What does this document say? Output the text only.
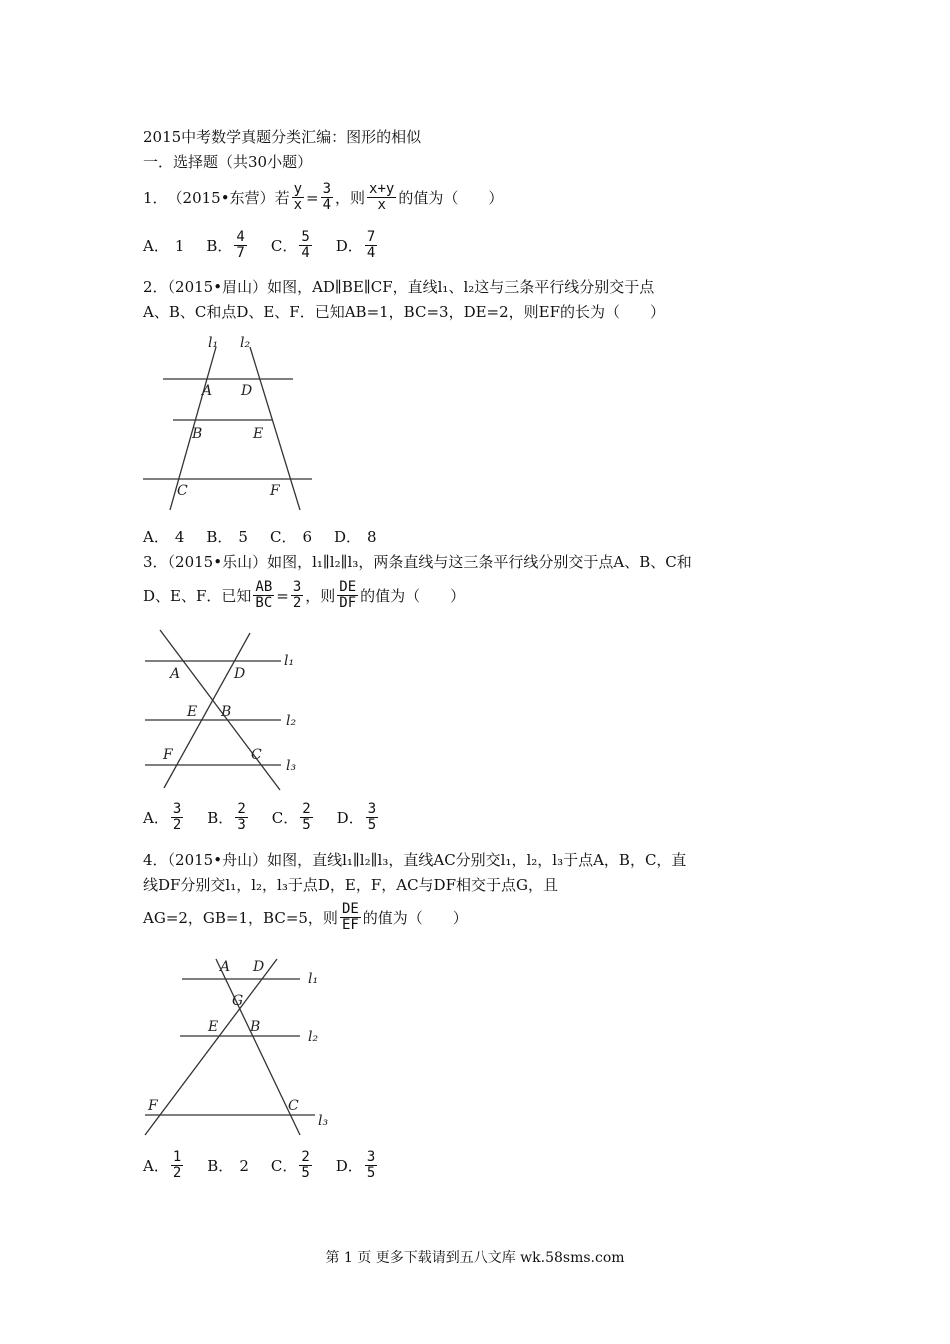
2015中考数学真题分类汇编：图形的相似
一．选择题（共30小题）
1． （2015•东营）若 $\frac{y}{x} = \frac{3}{4}$ ，则 $\frac{x+y}{x}$ 的值为（　　）
A． 1 B． $\frac{4}{7}$ C． $\frac{5}{4}$ D． $\frac{7}{4}$
2．（2015•眉山）如图，AD∥BE∥CF，直线l₁、l₂这与三条平行线分别交于点
A、B、C和点D、E、F．已知AB=1，BC=3，DE=2，则EF的长为（　　）
l₁ l₂
A D
B	E
C	F
A． 4 B． 5 C． 6 D． 8
3．（2015•乐山）如图，l₁∥l₂∥l₃，两条直线与这三条平行线分别交于点A、B、C和
D、E、F．已知 $\frac{AB}{BC} = \frac{3}{2}$ ，则 $\frac{DE}{DF}$ 的值为（　　）
A	D
E B
F	C
l₁
l₂
l₃
A． $\frac{3}{2}$ B． $\frac{2}{3}$ C． $\frac{2}{5}$ D． $\frac{3}{5}$
4．（2015•舟山）如图，直线l₁∥l₂∥l₃，直线AC分别交l₁，l₂，l₃于点A，B，C，直
线DF分别交l₁，l₂，l₃于点D，E，F，AC与DF相交于点G，且
AG=2，GB=1，BC=5，则 $\frac{DE}{EF}$ 的值为（　　）
A D
G
E B
F	C
l₁
l₂
l₃
A． $\frac{1}{2}$ B． 2 C． $\frac{2}{5}$ D． $\frac{3}{5}$
第 1 页 更多下载请到五八文库 wk.58sms.com
